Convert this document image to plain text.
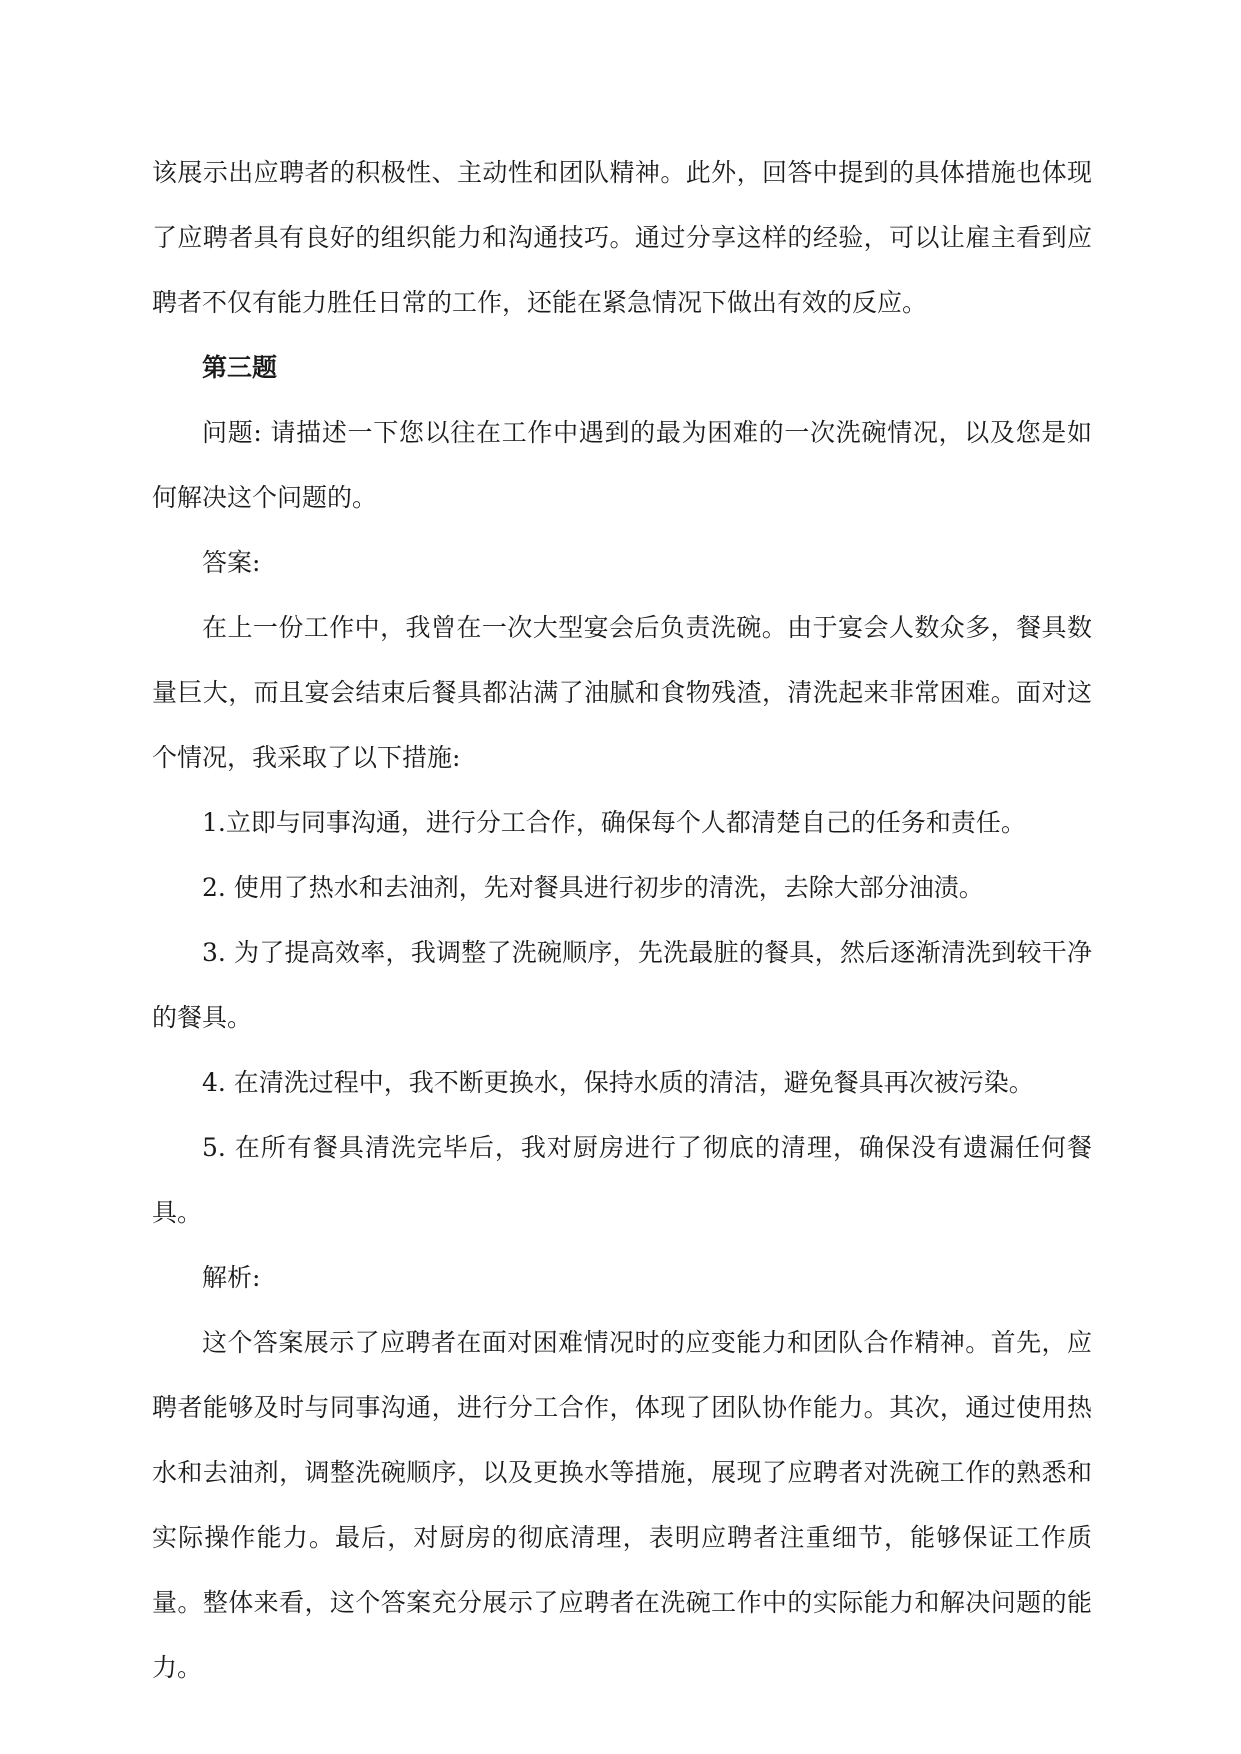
该展示出应聘者的积极性、主动性和团队精神。此外，回答中提到的具体措施也体现了应聘者具有良好的组织能力和沟通技巧。通过分享这样的经验，可以让雇主看到应聘者不仅有能力胜任日常的工作，还能在紧急情况下做出有效的反应。

第三题

问题: 请描述一下您以往在工作中遇到的最为困难的一次洗碗情况，以及您是如何解决这个问题的。

答案:

在上一份工作中，我曾在一次大型宴会后负责洗碗。由于宴会人数众多，餐具数量巨大，而且宴会结束后餐具都沾满了油腻和食物残渣，清洗起来非常困难。面对这个情况，我采取了以下措施:

1.立即与同事沟通，进行分工合作，确保每个人都清楚自己的任务和责任。

2. 使用了热水和去油剂，先对餐具进行初步的清洗，去除大部分油渍。

3. 为了提高效率，我调整了洗碗顺序，先洗最脏的餐具，然后逐渐清洗到较干净的餐具。

4. 在清洗过程中，我不断更换水，保持水质的清洁，避免餐具再次被污染。

5. 在所有餐具清洗完毕后，我对厨房进行了彻底的清理，确保没有遗漏任何餐具。

解析:

这个答案展示了应聘者在面对困难情况时的应变能力和团队合作精神。首先，应聘者能够及时与同事沟通，进行分工合作，体现了团队协作能力。其次，通过使用热水和去油剂，调整洗碗顺序，以及更换水等措施，展现了应聘者对洗碗工作的熟悉和实际操作能力。最后，对厨房的彻底清理，表明应聘者注重细节，能够保证工作质量。整体来看，这个答案充分展示了应聘者在洗碗工作中的实际能力和解决问题的能力。
